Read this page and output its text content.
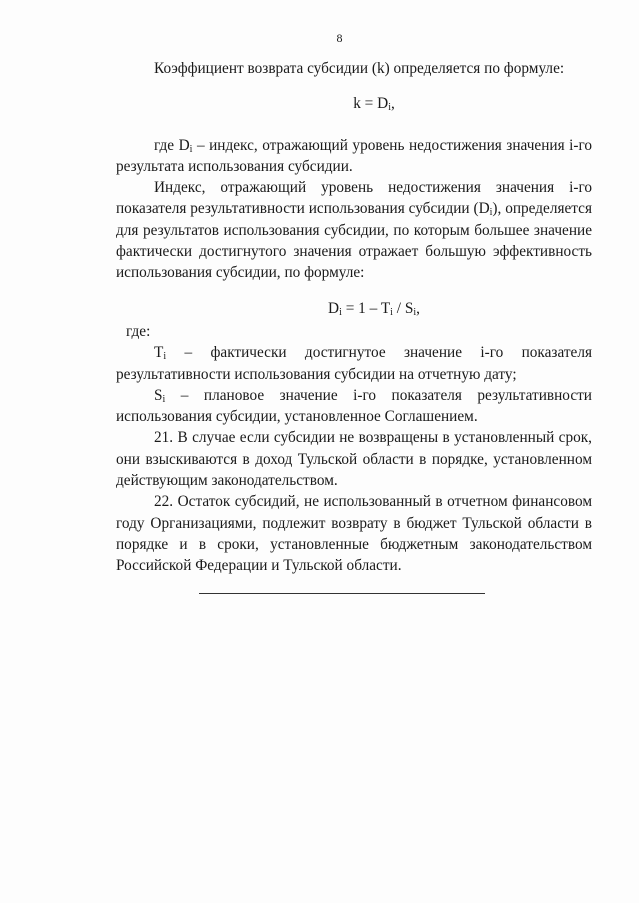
8

Коэффициент возврата субсидии (k) определяется по формуле:

$k = D_i$,

где $D_i$ – индекс, отражающий уровень недостижения значения i-го результата использования субсидии.

Индекс, отражающий уровень недостижения значения i-го показателя результативности использования субсидии $(D_i)$, определяется для результатов использования субсидии, по которым большее значение фактически достигнутого значения отражает большую эффективность использования субсидии, по формуле:

$D_i = 1 - T_i / S_i$,

где:

$T_i$ – фактически достигнутое значение i-го показателя результативности использования субсидии на отчетную дату;

$S_i$ – плановое значение i-го показателя результативности использования субсидии, установленное Соглашением.

21. В случае если субсидии не возвращены в установленный срок, они взыскиваются в доход Тульской области в порядке, установленном действующим законодательством.

22. Остаток субсидий, не использованный в отчетном финансовом году Организациями, подлежит возврату в бюджет Тульской области в порядке и в сроки, установленные бюджетным законодательством Российской Федерации и Тульской области.
